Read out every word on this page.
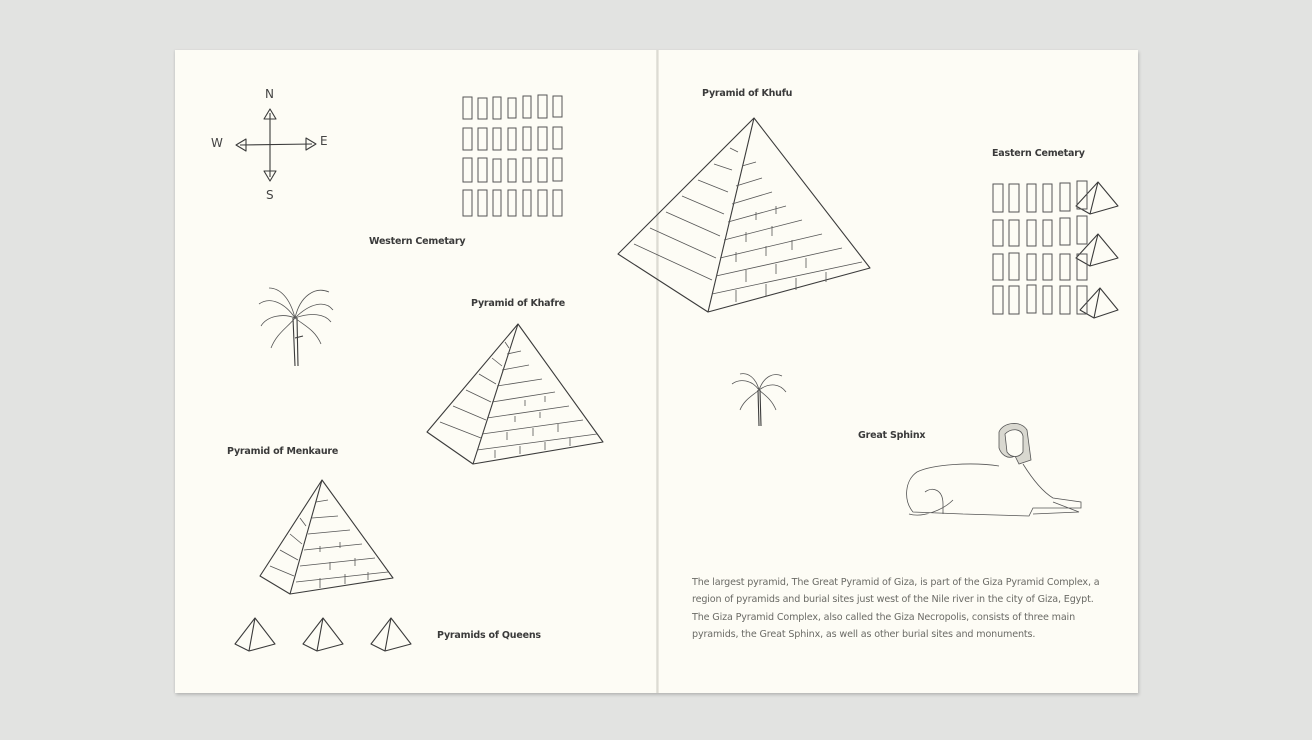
N
S
W	E
Western Cemetary
Pyramid of Khafre
Pyramid of Menkaure
Pyramids of Queens
Pyramid of Khufu
Eastern Cemetary
Great Sphinx
The largest pyramid, The Great Pyramid of Giza, is part of the Giza Pyramid Complex, a region of pyramids and burial sites just west of the Nile river in the city of Giza, Egypt. The Giza Pyramid Complex, also called the Giza Necropolis, consists of three main pyramids, the Great Sphinx, as well as other burial sites and monuments.
